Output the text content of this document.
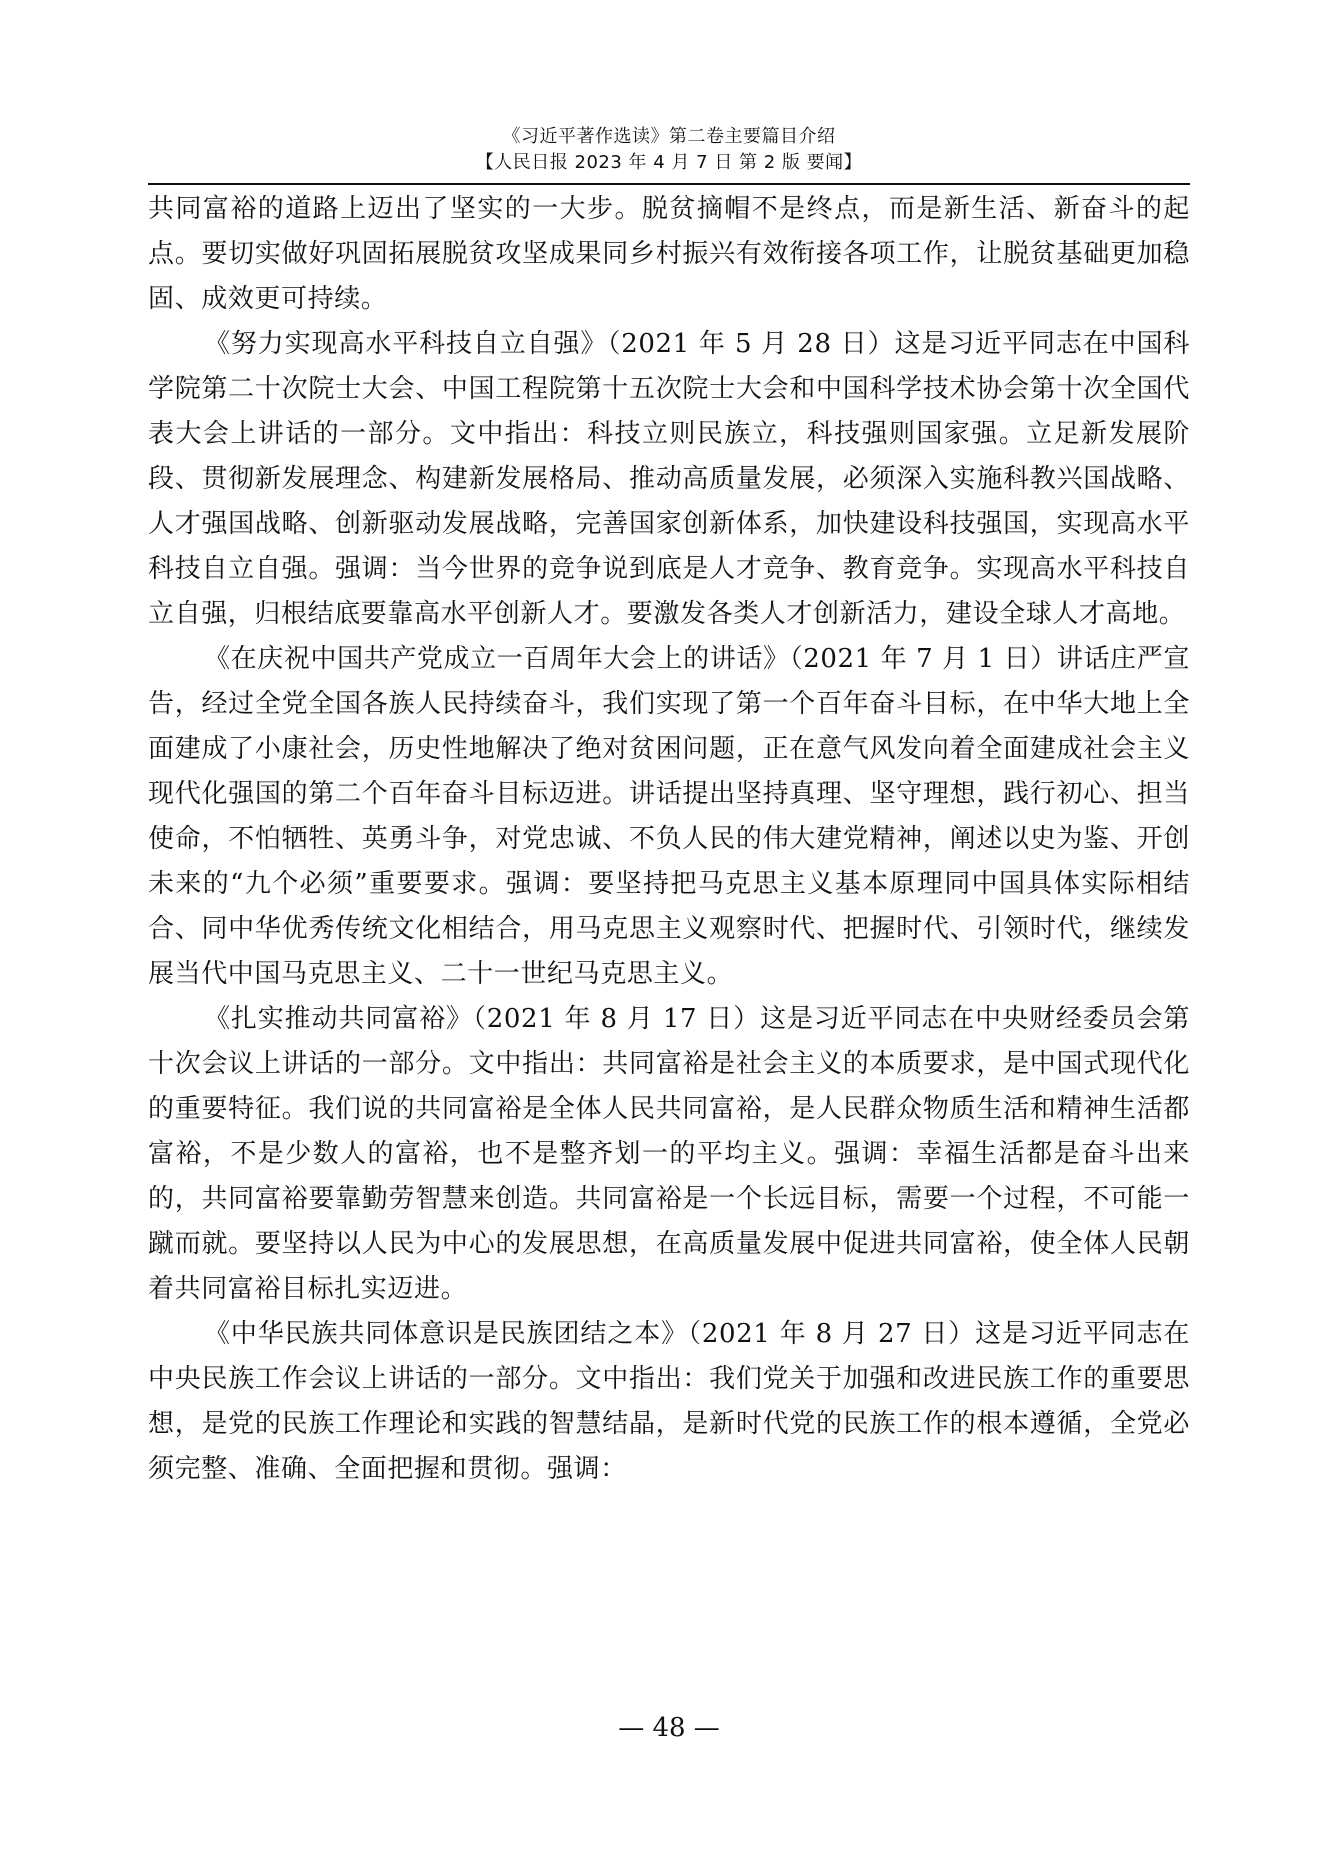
《习近平著作选读》第二卷主要篇目介绍
【人民日报 2023 年 4 月 7 日 第 2 版 要闻】

共同富裕的道路上迈出了坚实的一大步。脱贫摘帽不是终点，而是新生活、新奋斗的起点。要切实做好巩固拓展脱贫攻坚成果同乡村振兴有效衔接各项工作，让脱贫基础更加稳固、成效更可持续。

《努力实现高水平科技自立自强》（2021 年 5 月 28 日）这是习近平同志在中国科学院第二十次院士大会、中国工程院第十五次院士大会和中国科学技术协会第十次全国代表大会上讲话的一部分。文中指出：科技立则民族立，科技强则国家强。立足新发展阶段、贯彻新发展理念、构建新发展格局、推动高质量发展，必须深入实施科教兴国战略、人才强国战略、创新驱动发展战略，完善国家创新体系，加快建设科技强国，实现高水平科技自立自强。强调：当今世界的竞争说到底是人才竞争、教育竞争。实现高水平科技自立自强，归根结底要靠高水平创新人才。要激发各类人才创新活力，建设全球人才高地。

《在庆祝中国共产党成立一百周年大会上的讲话》（2021 年 7 月 1 日）讲话庄严宣告，经过全党全国各族人民持续奋斗，我们实现了第一个百年奋斗目标，在中华大地上全面建成了小康社会，历史性地解决了绝对贫困问题，正在意气风发向着全面建成社会主义现代化强国的第二个百年奋斗目标迈进。讲话提出坚持真理、坚守理想，践行初心、担当使命，不怕牺牲、英勇斗争，对党忠诚、不负人民的伟大建党精神，阐述以史为鉴、开创未来的“九个必须”重要要求。强调：要坚持把马克思主义基本原理同中国具体实际相结合、同中华优秀传统文化相结合，用马克思主义观察时代、把握时代、引领时代，继续发展当代中国马克思主义、二十一世纪马克思主义。

《扎实推动共同富裕》（2021 年 8 月 17 日）这是习近平同志在中央财经委员会第十次会议上讲话的一部分。文中指出：共同富裕是社会主义的本质要求，是中国式现代化的重要特征。我们说的共同富裕是全体人民共同富裕，是人民群众物质生活和精神生活都富裕，不是少数人的富裕，也不是整齐划一的平均主义。强调：幸福生活都是奋斗出来的，共同富裕要靠勤劳智慧来创造。共同富裕是一个长远目标，需要一个过程，不可能一蹴而就。要坚持以人民为中心的发展思想，在高质量发展中促进共同富裕，使全体人民朝着共同富裕目标扎实迈进。

《中华民族共同体意识是民族团结之本》（2021 年 8 月 27 日）这是习近平同志在中央民族工作会议上讲话的一部分。文中指出：我们党关于加强和改进民族工作的重要思想，是党的民族工作理论和实践的智慧结晶，是新时代党的民族工作的根本遵循，全党必须完整、准确、全面把握和贯彻。强调：

— 48 —
